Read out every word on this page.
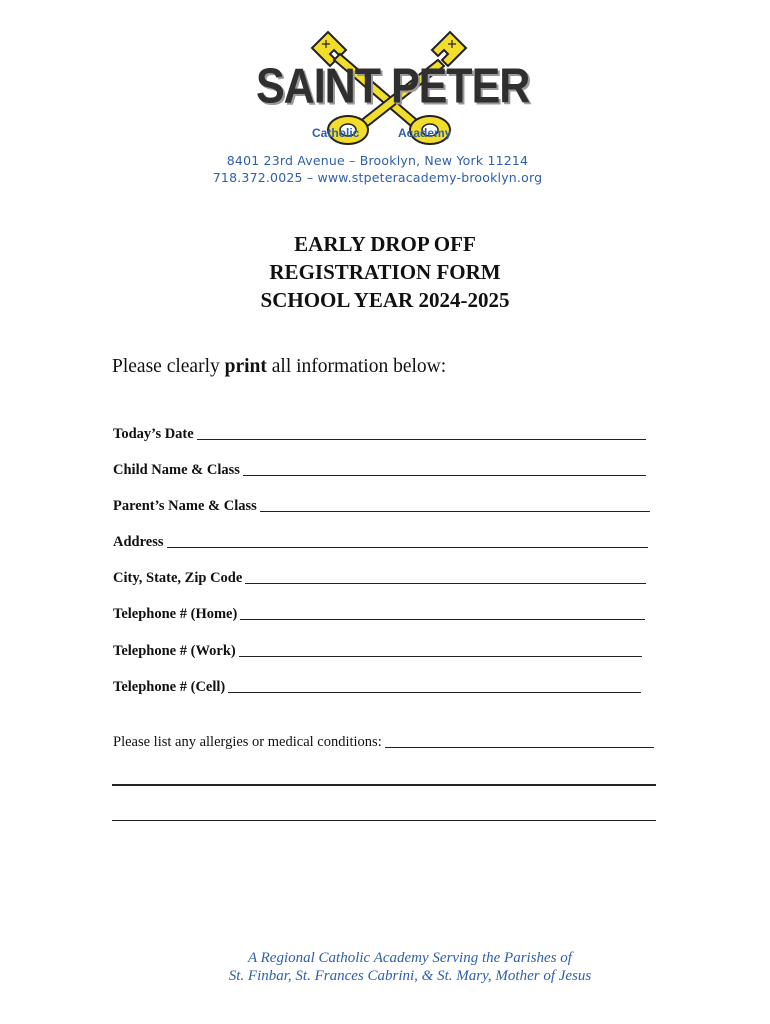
SAINT PETER
Catholic	Academy
8401 23rd Avenue – Brooklyn, New York 11214
718.372.0025 – www.stpeteracademy-brooklyn.org
EARLY DROP OFF
REGISTRATION FORM
SCHOOL YEAR 2024-2025
Please clearly print all information below:
Today’s Date
Child Name & Class
Parent’s Name & Class
Address
City, State, Zip Code
Telephone # (Home)
Telephone # (Work)
Telephone # (Cell)
Please list any allergies or medical conditions:
A Regional Catholic Academy Serving the Parishes of
St. Finbar, St. Frances Cabrini, & St. Mary, Mother of Jesus
